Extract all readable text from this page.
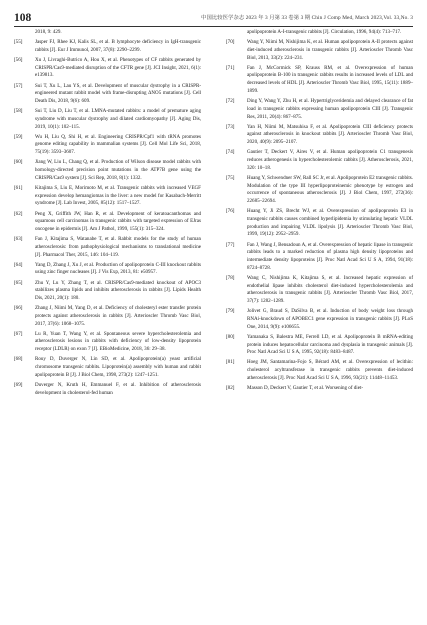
108	中国比较医学杂志 2023 年 3 月第 33 卷第 3 期 Chin J Comp Med, March 2023,Vol. 33,No. 3
2018, 9: 429.
[55]	Jasper FJ, Rhee KJ, Kalis SL, et al. B lymphocyte deficiency in IgH-transgenic rabbits [J]. Eur J Immunol, 2007, 37(8): 2290–2299.
[56]	Xu J, Livraghi-Butrico A, Hou X, et al. Phenotypes of CF rabbits generated by CRISPR/Cas9-mediated disruption of the CFTR gene [J]. JCI Insight, 2021, 6(1): e139813.
[57]	Sui T, Xu L, Lau YS, et al. Development of muscular dystrophy in a CRISPR-engineered mutant rabbit model with frame-disrupting ΔNO5 mutations [J]. Cell Death Dis, 2018, 9(6): 609.
[58]	Sui T, Liu D, Liu T, et al. LMNA-mutated rabbits: a model of premature aging syndrome with muscular dystrophy and dilated cardiomyopathy [J]. Aging Dis, 2019, 10(1): 102–115.
[59]	Wu H, Liu Q, Shi H, et al. Engineering CRISPR/Cpf1 with tRNA promotes genome editing capability in mammalian systems [J]. Cell Mol Life Sci, 2018, 75(19): 3593–3607.
[60]	Jiang W, Liu L, Chang Q, et al. Production of Wilson disease model rabbits with homology-directed precision point mutations in the ATP7B gene using the CRISPR/Cas9 system [J]. Sci Rep, 2018, 8(1): 1332.
[61]	Kitajima S, Liu E, Morimoto M, et al. Transgenic rabbits with increased VEGF expression develop hemangiomas in the liver: a new model for Kasabach-Merritt syndrome [J]. Lab Invest, 2005, 85(12): 1517–1527.
[62]	Peng X, Griffith JW, Han R, et al. Development of keratoacanthomas and squamous cell carcinomas in transgenic rabbits with targeted expression of EJras oncogene in epidermis [J]. Am J Pathol, 1999, 155(1): 315–324.
[63]	Fan J, Kitajima S, Watanabe T, et al. Rabbit models for the study of human atherosclerosis: from pathophysiological mechanisms to translational medicine [J]. Pharmacol Ther, 2015, 146: 104–119.
[64]	Yang D, Zhang J, Xu J, et al. Production of apolipoprotein C-III knockout rabbits using zinc finger nucleases [J]. J Vis Exp, 2013, 81: e50957.
[65]	Zhu Y, Lu Y, Zhang T, et al. CRISPR/Cas9-mediated knockout of APOC3 stabilizes plasma lipids and inhibits atherosclerosis in rabbits [J]. Lipids Health Dis, 2021, 20(1): 180.
[66]	Zhang J, Niimi M, Yang D, et al. Deficiency of cholesteryl ester transfer protein protects against atherosclerosis in rabbits [J]. Arterioscler Thromb Vasc Biol, 2017, 37(6): 1068–1075.
[67]	Lu R, Yuan T, Wang Y, et al. Spontaneous severe hypercholesterolemia and atherosclerosis lesions in rabbits with deficiency of low-density lipoprotein receptor (LDLR) on exon 7 [J]. EBioMedicine, 2018, 36: 29–38.
[68]	Rouy D, Duverger N, Lin SD, et al. Apolipoprotein(a) yeast artificial chromosome transgenic rabbits. Lipoprotein(a) assembly with human and rabbit apolipoprotein B [J]. J Biol Chem, 1998, 273(2): 1247–1251.
[69]	Duverger N, Kruth H, Emmanuel F, et al. Inhibition of atherosclerosis development in cholesterol-fed human
apolipoprotein A-I-transgenic rabbits [J]. Circulation, 1996, 94(4): 713–717.
[70]	Wang Y, Niimi M, Nishijima K, et al. Human apolipoprotein A-II protects against diet-induced atherosclerosis in transgenic rabbits [J]. Arterioscler Thromb Vasc Biol, 2013, 33(2): 224–231.
[71]	Fan J, McCormick SP, Krauss RM, et al. Overexpression of human apolipoprotein B-100 in transgenic rabbits results in increased levels of LDL and decreased levels of HDL [J]. Arterioscler Thromb Vasc Biol, 1995, 15(11): 1889–1899.
[72]	Ding Y, Wang Y, Zhu H, et al. Hypertriglyceridemia and delayed clearance of fat load in transgenic rabbits expressing human apolipoprotein CIII [J]. Transgenic Res, 2011, 20(4): 867–875.
[73]	Yan H, Niimi M, Matsuhisa F, et al. Apolipoprotein CIII deficiency protects against atherosclerosis in knockout rabbits [J]. Arterioscler Thromb Vasc Biol, 2020, 40(9): 2095–2107.
[74]	Gautier T, Deckert V, Aires V, et al. Human apolipoprotein C1 transgenesis reduces atherogenesis in hypercholesterolemic rabbits [J]. Atherosclerosis, 2021, 320: 10–18.
[75]	Huang Y, Schwendner SW, Rall SC Jr, et al. Apolipoprotein E2 transgenic rabbits. Modulation of the type III hyperlipoproteinemic phenotype by estrogen and occurrence of spontaneous atherosclerosis [J]. J Biol Chem, 1997, 272(36): 22685–22694.
[76]	Huang Y, Ji ZS, Brecht WJ, et al. Overexpression of apolipoprotein E3 in transgenic rabbits causes combined hyperlipidemia by stimulating hepatic VLDL production and impairing VLDL lipolysis [J]. Arterioscler Thromb Vasc Biol, 1999, 19(12): 2952–2959.
[77]	Fan J, Wang J, Bensadoun A, et al. Overexpression of hepatic lipase in transgenic rabbits leads to a marked reduction of plasma high density lipoproteins and intermediate density lipoproteins [J]. Proc Natl Acad Sci U S A, 1994, 91(18): 8724–8728.
[78]	Wang C, Nishijima K, Kitajima S, et al. Increased hepatic expression of endothelial lipase inhibits cholesterol diet-induced hypercholesterolemia and atherosclerosis in transgenic rabbits [J]. Arterioscler Thromb Vasc Biol, 2017, 37(7): 1282–1289.
[79]	Jolivet G, Braud S, DaSilva B, et al. Induction of body weight loss through RNAi-knockdown of APOBEC1 gene expression in transgenic rabbits [J]. PLoS One, 2014, 9(9): e106655.
[80]	Yamanaka S, Balestra ME, Ferrell LD, et al. Apolipoprotein B mRNA-editing protein induces hepatocellular carcinoma and dysplasia in transgenic animals [J]. Proc Natl Acad Sci U S A, 1995, 92(18): 8483–8487.
[81]	Hoeg JM, Santamarina-Fojo S, Bérard AM, et al. Overexpression of lecithin: cholesterol acyltransferase in transgenic rabbits prevents diet-induced atherosclerosis [J]. Proc Natl Acad Sci U S A, 1996, 93(21): 11448–11453.
[82]	Masson D, Deckert V, Gautier T, et al. Worsening of diet-
